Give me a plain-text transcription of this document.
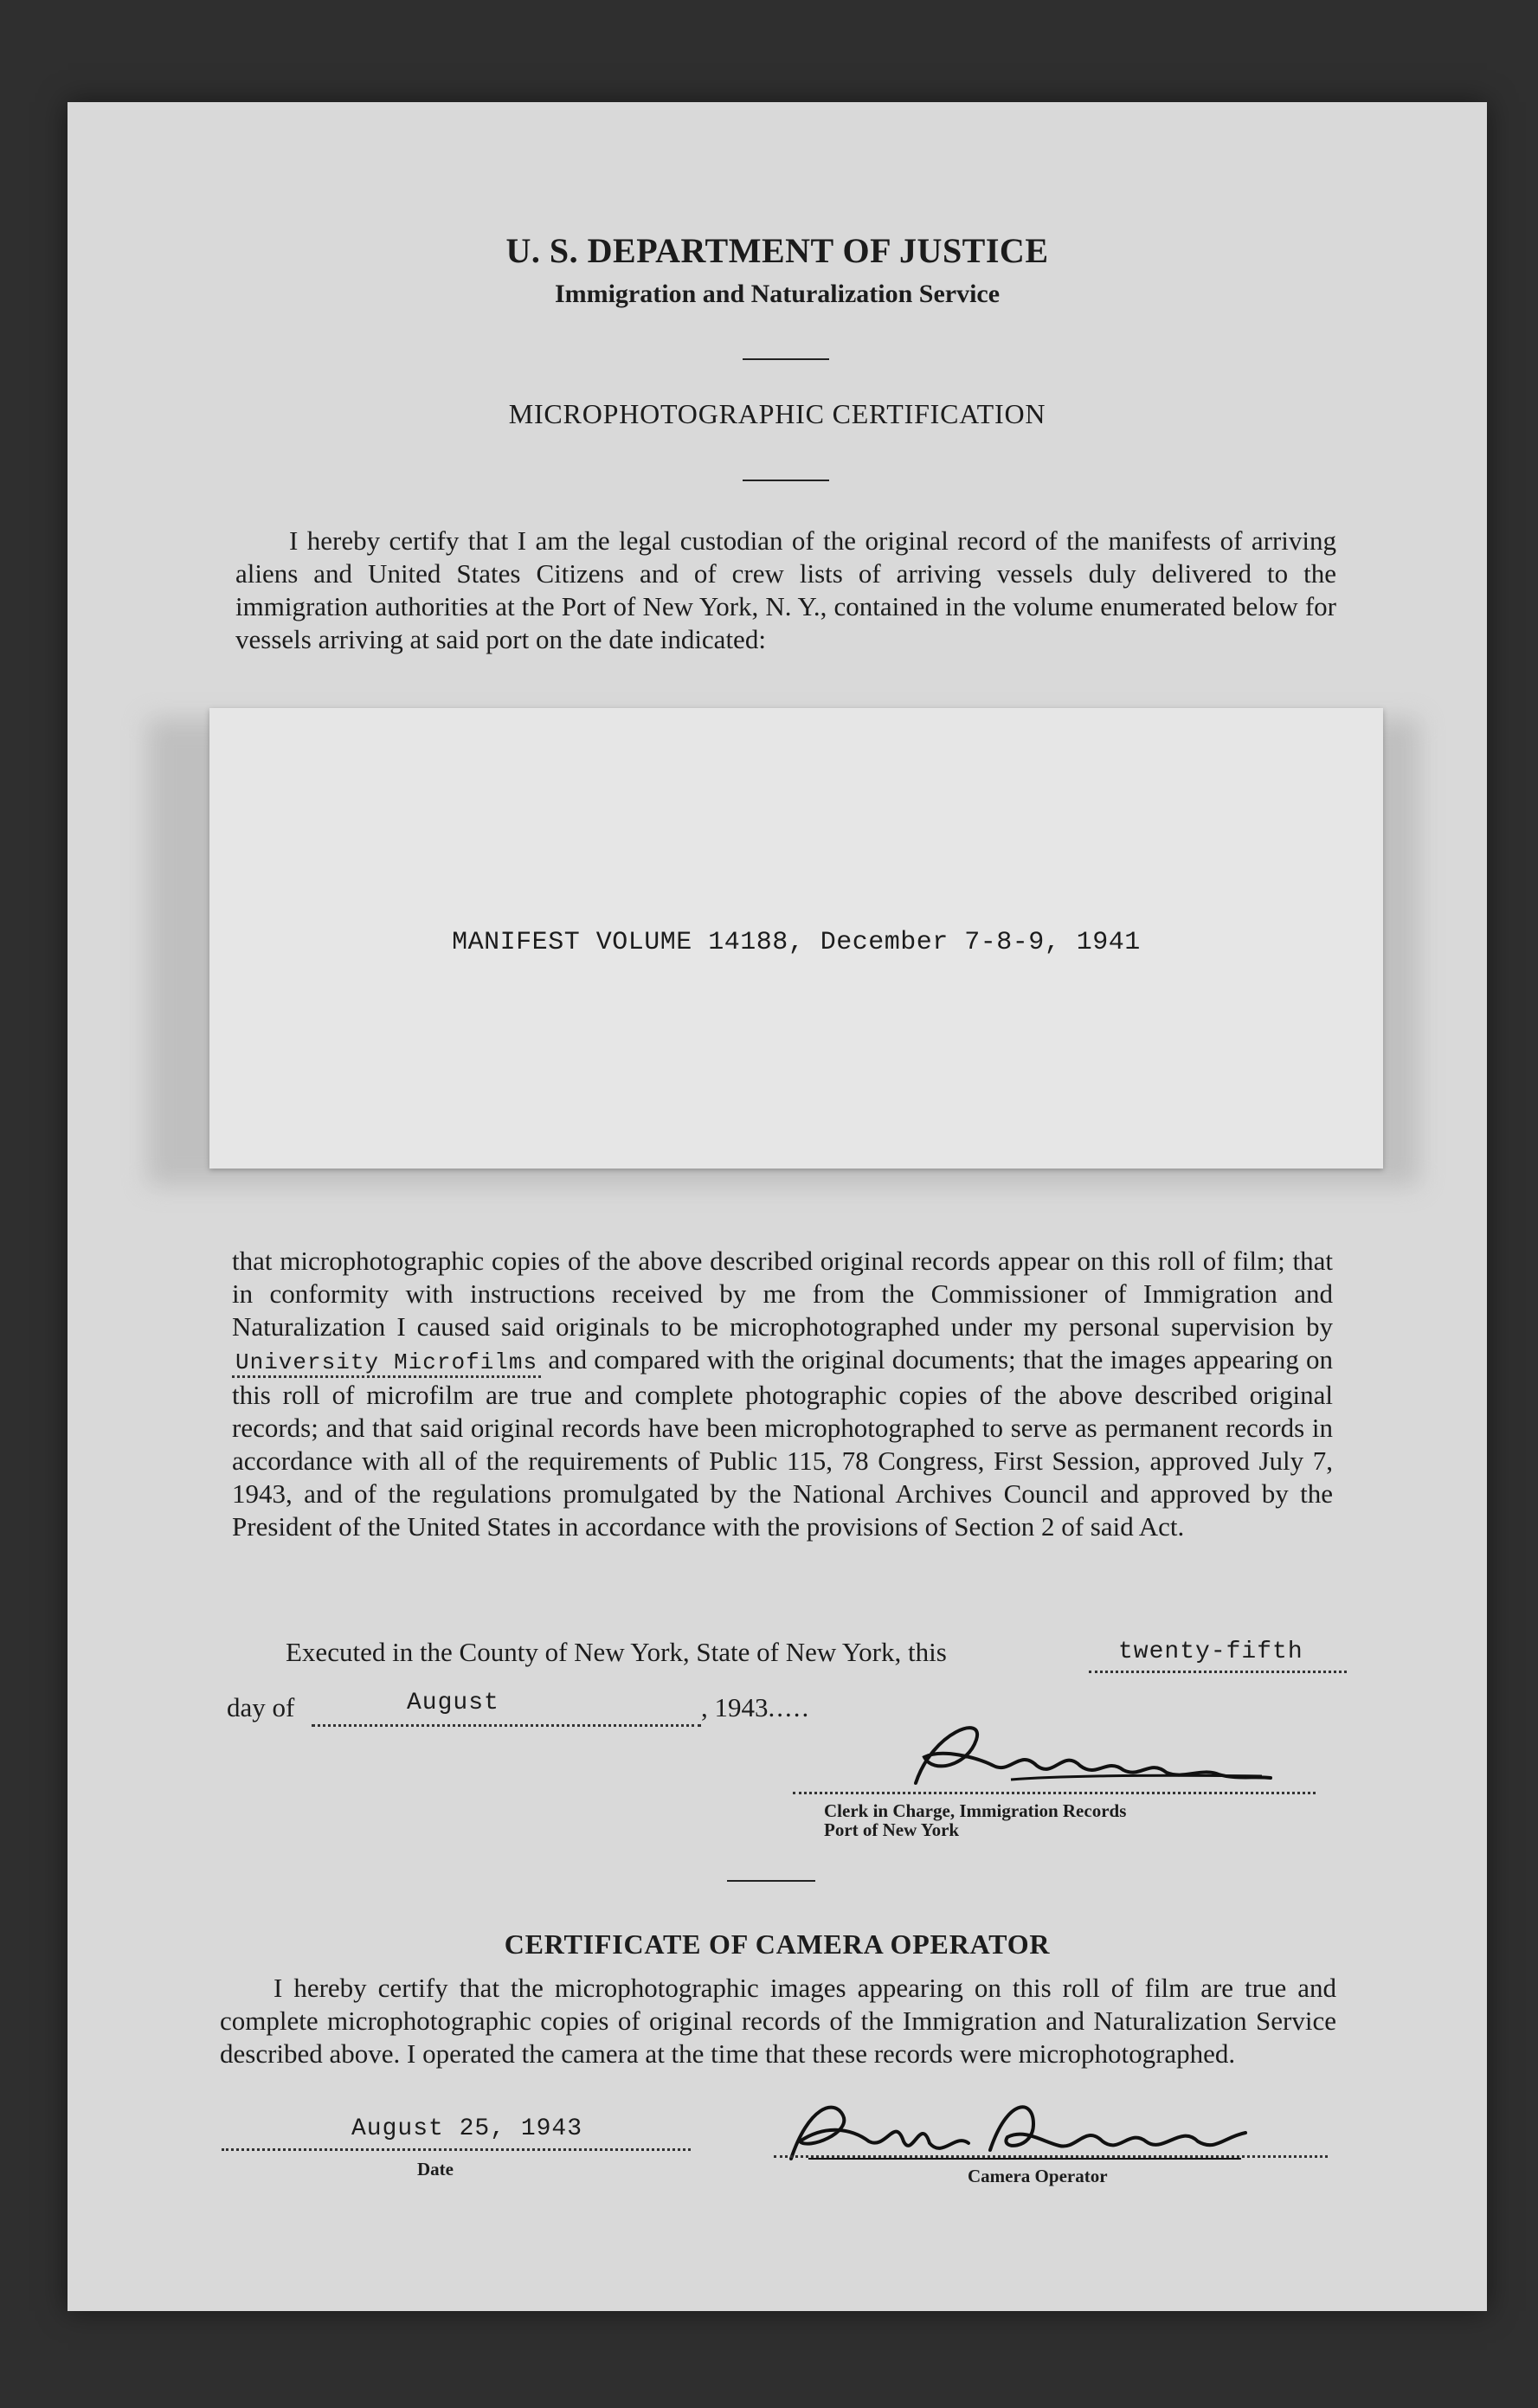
U. S. DEPARTMENT OF JUSTICE
Immigration and Naturalization Service
MICROPHOTOGRAPHIC CERTIFICATION
I hereby certify that I am the legal custodian of the original record of the manifests of arriving aliens and United States Citizens and of crew lists of arriving vessels duly delivered to the immigration authorities at the Port of New York, N. Y., contained in the volume enumerated below for vessels arriving at said port on the date indicated:
MANIFEST VOLUME 14188, December 7-8-9, 1941
that microphotographic copies of the above described original records appear on this roll of film; that in conformity with instructions received by me from the Commissioner of Immigration and Naturalization I caused said originals to be microphotographed under my personal supervision by University Microfilms and compared with the original documents; that the images appearing on this roll of microfilm are true and complete photographic copies of the above described original records; and that said original records have been microphotographed to serve as permanent records in accordance with all of the requirements of Public 115, 78 Congress, First Session, approved July 7, 1943, and of the regulations promulgated by the National Archives Council and approved by the President of the United States in accordance with the provisions of Section 2 of said Act.
Executed in the County of New York, State of New York, this	twenty-fifth
day of	August	, 1943.....
Clerk in Charge, Immigration Records
Port of New York
CERTIFICATE OF CAMERA OPERATOR
I hereby certify that the microphotographic images appearing on this roll of film are true and complete microphotographic copies of original records of the Immigration and Naturalization Service described above. I operated the camera at the time that these records were microphotographed.
August 25, 1943
Date	Camera Operator
